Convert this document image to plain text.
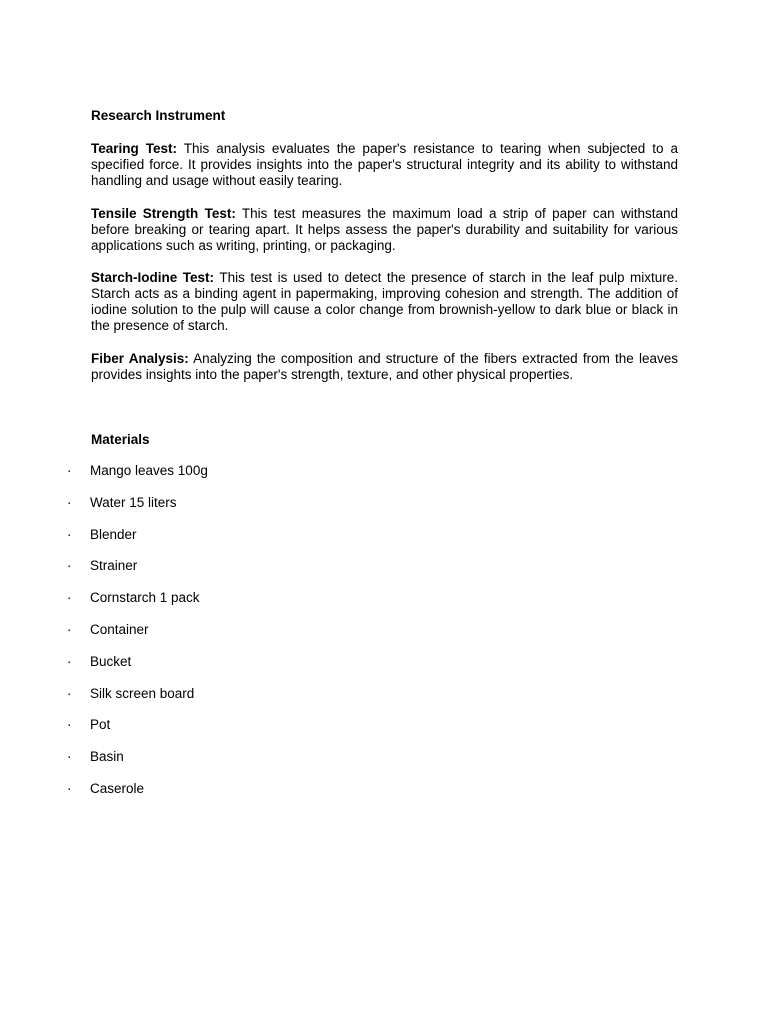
Research Instrument

Tearing Test: This analysis evaluates the paper's resistance to tearing when subjected to a specified force. It provides insights into the paper's structural integrity and its ability to withstand handling and usage without easily tearing.

Tensile Strength Test: This test measures the maximum load a strip of paper can withstand before breaking or tearing apart. It helps assess the paper's durability and suitability for various applications such as writing, printing, or packaging.

Starch-Iodine Test: This test is used to detect the presence of starch in the leaf pulp mixture. Starch acts as a binding agent in papermaking, improving cohesion and strength. The addition of iodine solution to the pulp will cause a color change from brownish-yellow to dark blue or black in the presence of starch.

Fiber Analysis: Analyzing the composition and structure of the fibers extracted from the leaves provides insights into the paper's strength, texture, and other physical properties.

Materials
· Mango leaves 100g
· Water 15 liters
· Blender
· Strainer
· Cornstarch 1 pack
· Container
· Bucket
· Silk screen board
· Pot
· Basin
· Caserole
